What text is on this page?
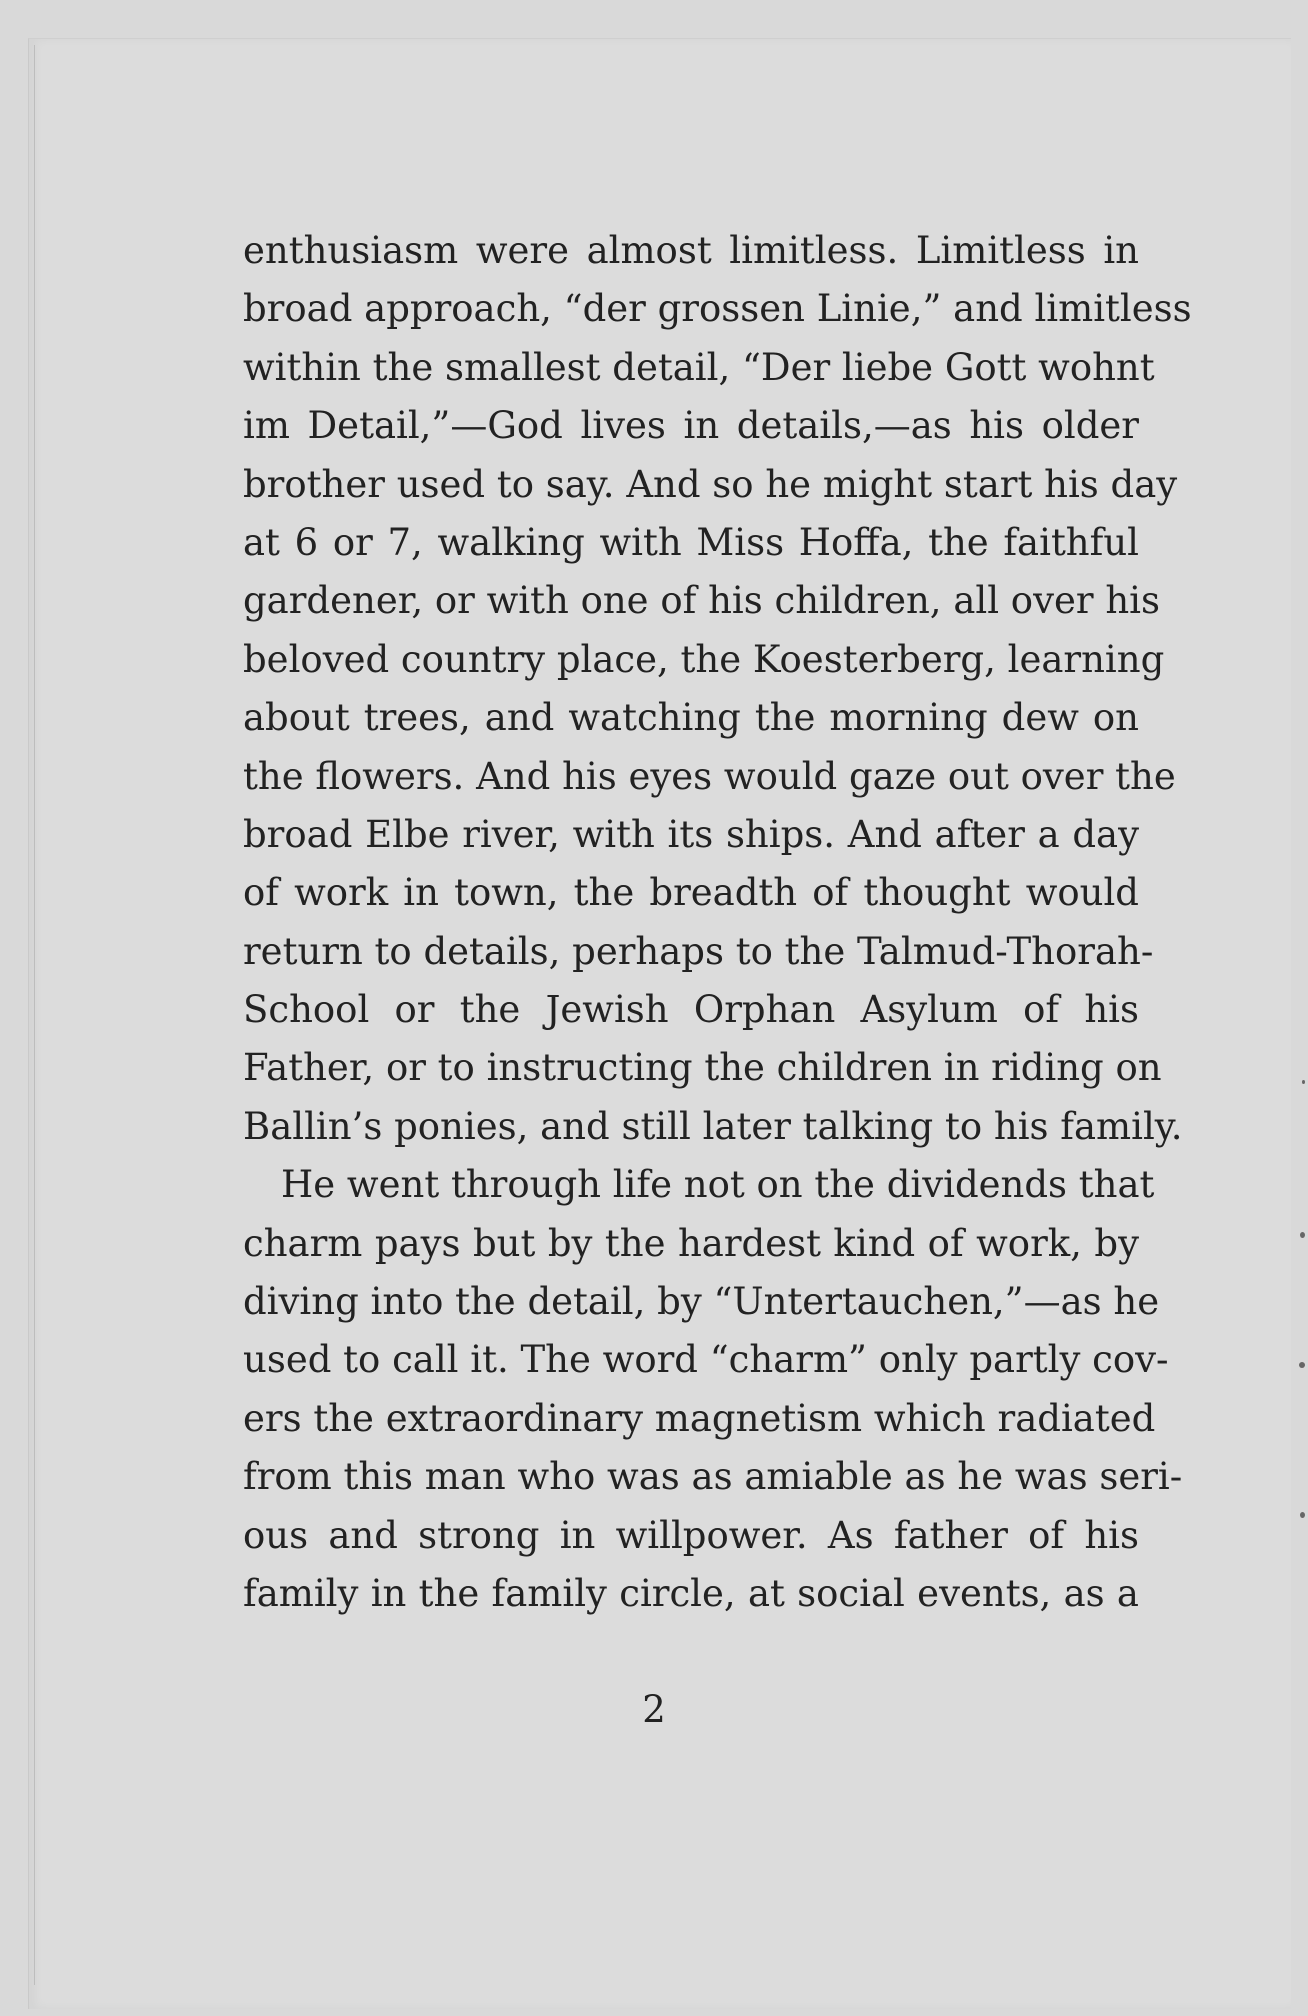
enthusiasm were almost limitless. Limitless in
broad approach, “der grossen Linie,” and limitless
within the smallest detail, “Der liebe Gott wohnt
im Detail,”—God lives in details,—as his older
brother used to say. And so he might start his day
at 6 or 7, walking with Miss Hoffa, the faithful
gardener, or with one of his children, all over his
beloved country place, the Koesterberg, learning
about trees, and watching the morning dew on
the flowers. And his eyes would gaze out over the
broad Elbe river, with its ships. And after a day
of work in town, the breadth of thought would
return to details, perhaps to the Talmud-Thorah-
School or the Jewish Orphan Asylum of his
Father, or to instructing the children in riding on
Ballin’s ponies, and still later talking to his family.
He went through life not on the dividends that
charm pays but by the hardest kind of work, by
diving into the detail, by “Untertauchen,”—as he
used to call it. The word “charm” only partly cov-
ers the extraordinary magnetism which radiated
from this man who was as amiable as he was seri-
ous and strong in willpower. As father of his
family in the family circle, at social events, as a
2
